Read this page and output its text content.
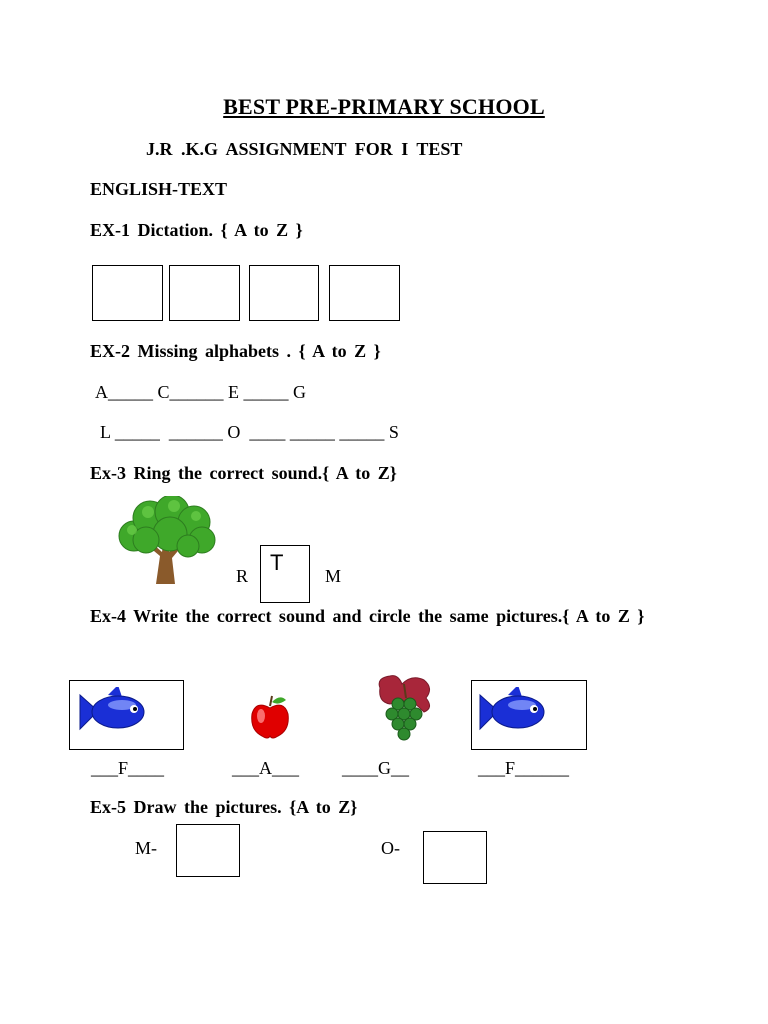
BEST PRE-PRIMARY SCHOOL
J.R .K.G ASSIGNMENT FOR I TEST
ENGLISH-TEXT
EX-1 Dictation. { A to Z }
EX-2 Missing alphabets . { A to Z }
A_____ C______ E _____ G
L _____  ______ O  ____ _____ _____ S
Ex-3 Ring the correct sound.{ A to Z}
R
T
M
Ex-4 Write the correct sound and circle the same pictures.{ A to Z }
___F____	___A___ ____G__	___F______
Ex-5 Draw the pictures. {A to Z}
M-	O-
